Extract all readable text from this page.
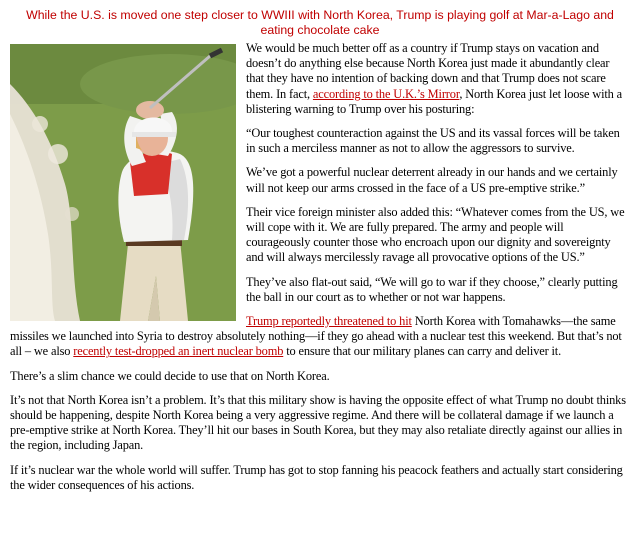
While the U.S. is moved one step closer to WWIII with North Korea, Trump is playing golf at Mar-a-Lago and eating chocolate cake

We would be much better off as a country if Trump stays on vacation and doesn’t do anything else because North Korea just made it abundantly clear that they have no intention of backing down and that Trump does not scare them. In fact, according to the U.K.’s Mirror, North Korea just let loose with a blistering warning to Trump over his posturing:

“Our toughest counteraction against the US and its vassal forces will be taken in such a merciless manner as not to allow the aggressors to survive.

We’ve got a powerful nuclear deterrent already in our hands and we certainly will not keep our arms crossed in the face of a US pre-emptive strike.”

Their vice foreign minister also added this: “Whatever comes from the US, we will cope with it. We are fully prepared. The army and people will courageously counter those who encroach upon our dignity and sovereignty and will always mercilessly ravage all provocative options of the US.”

They’ve also flat-out said, “We will go to war if they choose,” clearly putting the ball in our court as to whether or not war happens.

Trump reportedly threatened to hit North Korea with Tomahawks—the same missiles we launched into Syria to destroy absolutely nothing—if they go ahead with a nuclear test this weekend. But that’s not all – we also recently test-dropped an inert nuclear bomb to ensure that our military planes can carry and deliver it.

There’s a slim chance we could decide to use that on North Korea.

It’s not that North Korea isn’t a problem. It’s that this military show is having the opposite effect of what Trump no doubt thinks should be happening, despite North Korea being a very aggressive regime. And there will be collateral damage if we launch a pre-emptive strike at North Korea. They’ll hit our bases in South Korea, but they may also retaliate directly against our allies in the region, including Japan.

If it’s nuclear war the whole world will suffer. Trump has got to stop fanning his peacock feathers and actually start considering the wider consequences of his actions.
